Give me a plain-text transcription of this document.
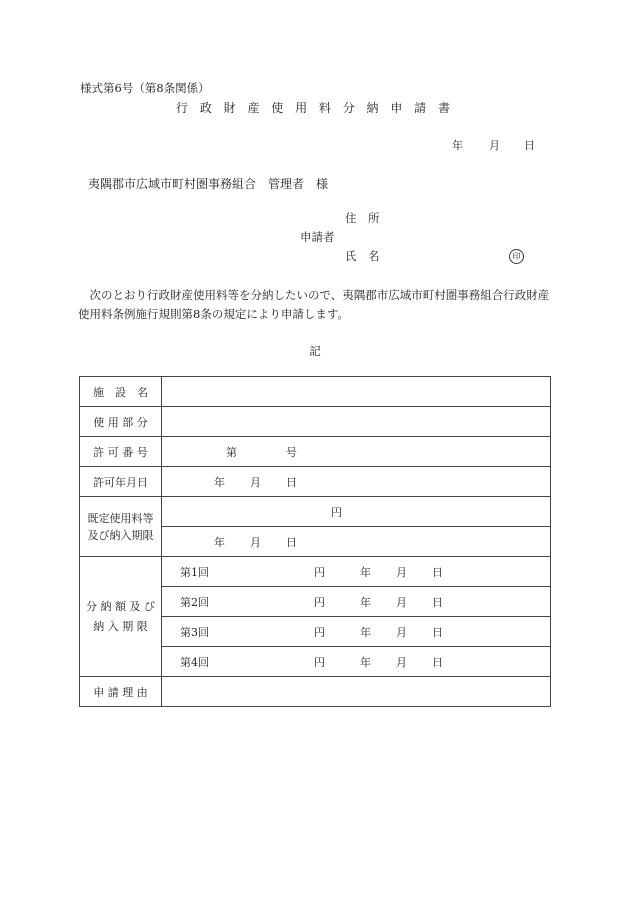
様式第6号（第8条関係）
行 政 財 産 使 用 料 分 納 申 請 書
年 月 日
夷隅郡市広域市町村圏事務組合　管理者　様
住　所
申請者
氏　名	印
次のとおり行政財産使用料等を分納したいので、夷隅郡市広域市町村圏事務組合行政財産使用料条例施行規則第8条の規定により申請します。
記
施　設　名	
使 用 部 分	
許 可 番 号	第 号

許可年月日	年 月 日

既定使用料等
及び納入期限	円

	年 月 日

分 納 額 及 び
納 入 期 限	第1回 円 年 月 日

	第2回 円 年 月 日

	第3回 円 年 月 日

	第4回 円 年 月 日

申 請 理 由	
